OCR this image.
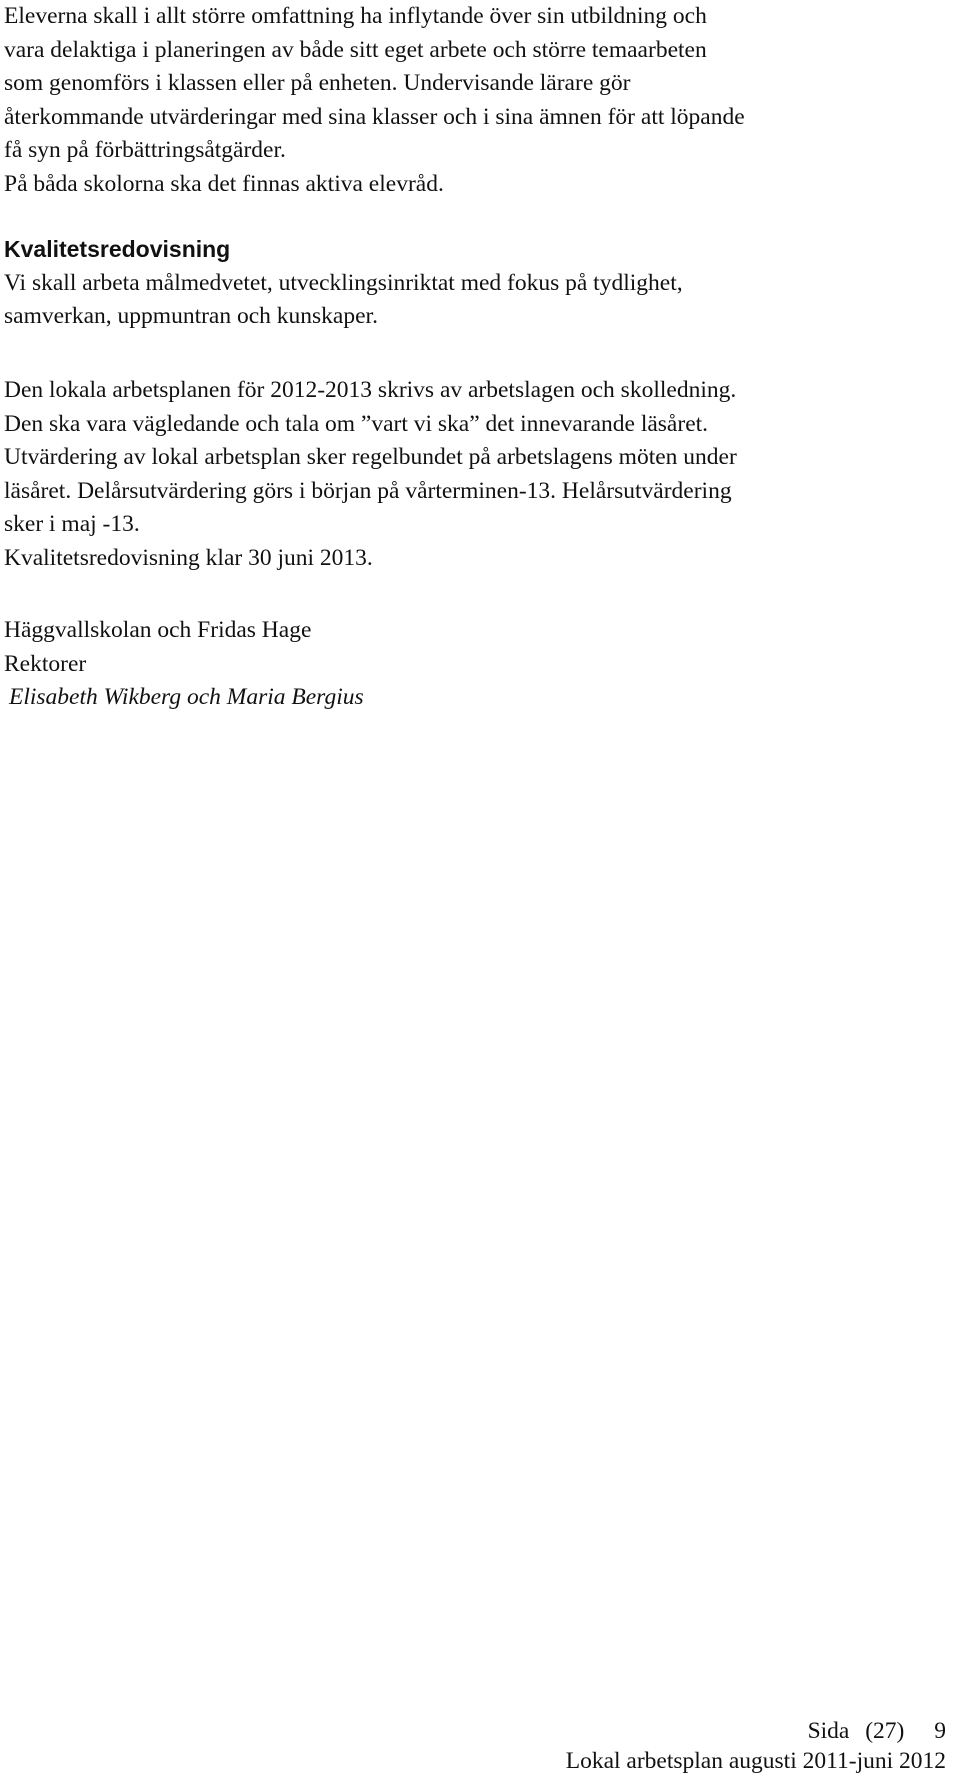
Eleverna skall i allt större omfattning ha inflytande över sin utbildning och
vara delaktiga i planeringen av både sitt eget arbete och större temaarbeten
som genomförs i klassen eller på enheten. Undervisande lärare gör
återkommande utvärderingar med sina klasser och i sina ämnen för att löpande
få syn på förbättringsåtgärder.
På båda skolorna ska det finnas aktiva elevråd.
Kvalitetsredovisning
Vi skall arbeta målmedvetet, utvecklingsinriktat med fokus på tydlighet,
samverkan, uppmuntran och kunskaper.
Den lokala arbetsplanen för 2012-2013 skrivs av arbetslagen och skolledning.
Den ska vara vägledande och tala om ”vart vi ska” det innevarande läsåret.
Utvärdering av lokal arbetsplan sker regelbundet på arbetslagens möten under
läsåret. Delårsutvärdering görs i början på vårterminen-13. Helårsutvärdering
sker i maj -13.
Kvalitetsredovisning klar 30 juni 2013.
Häggvallskolan och Fridas Hage
Rektorer
Elisabeth Wikberg och Maria Bergius
Sida (27) 9
Lokal arbetsplan augusti 2011-juni 2012
